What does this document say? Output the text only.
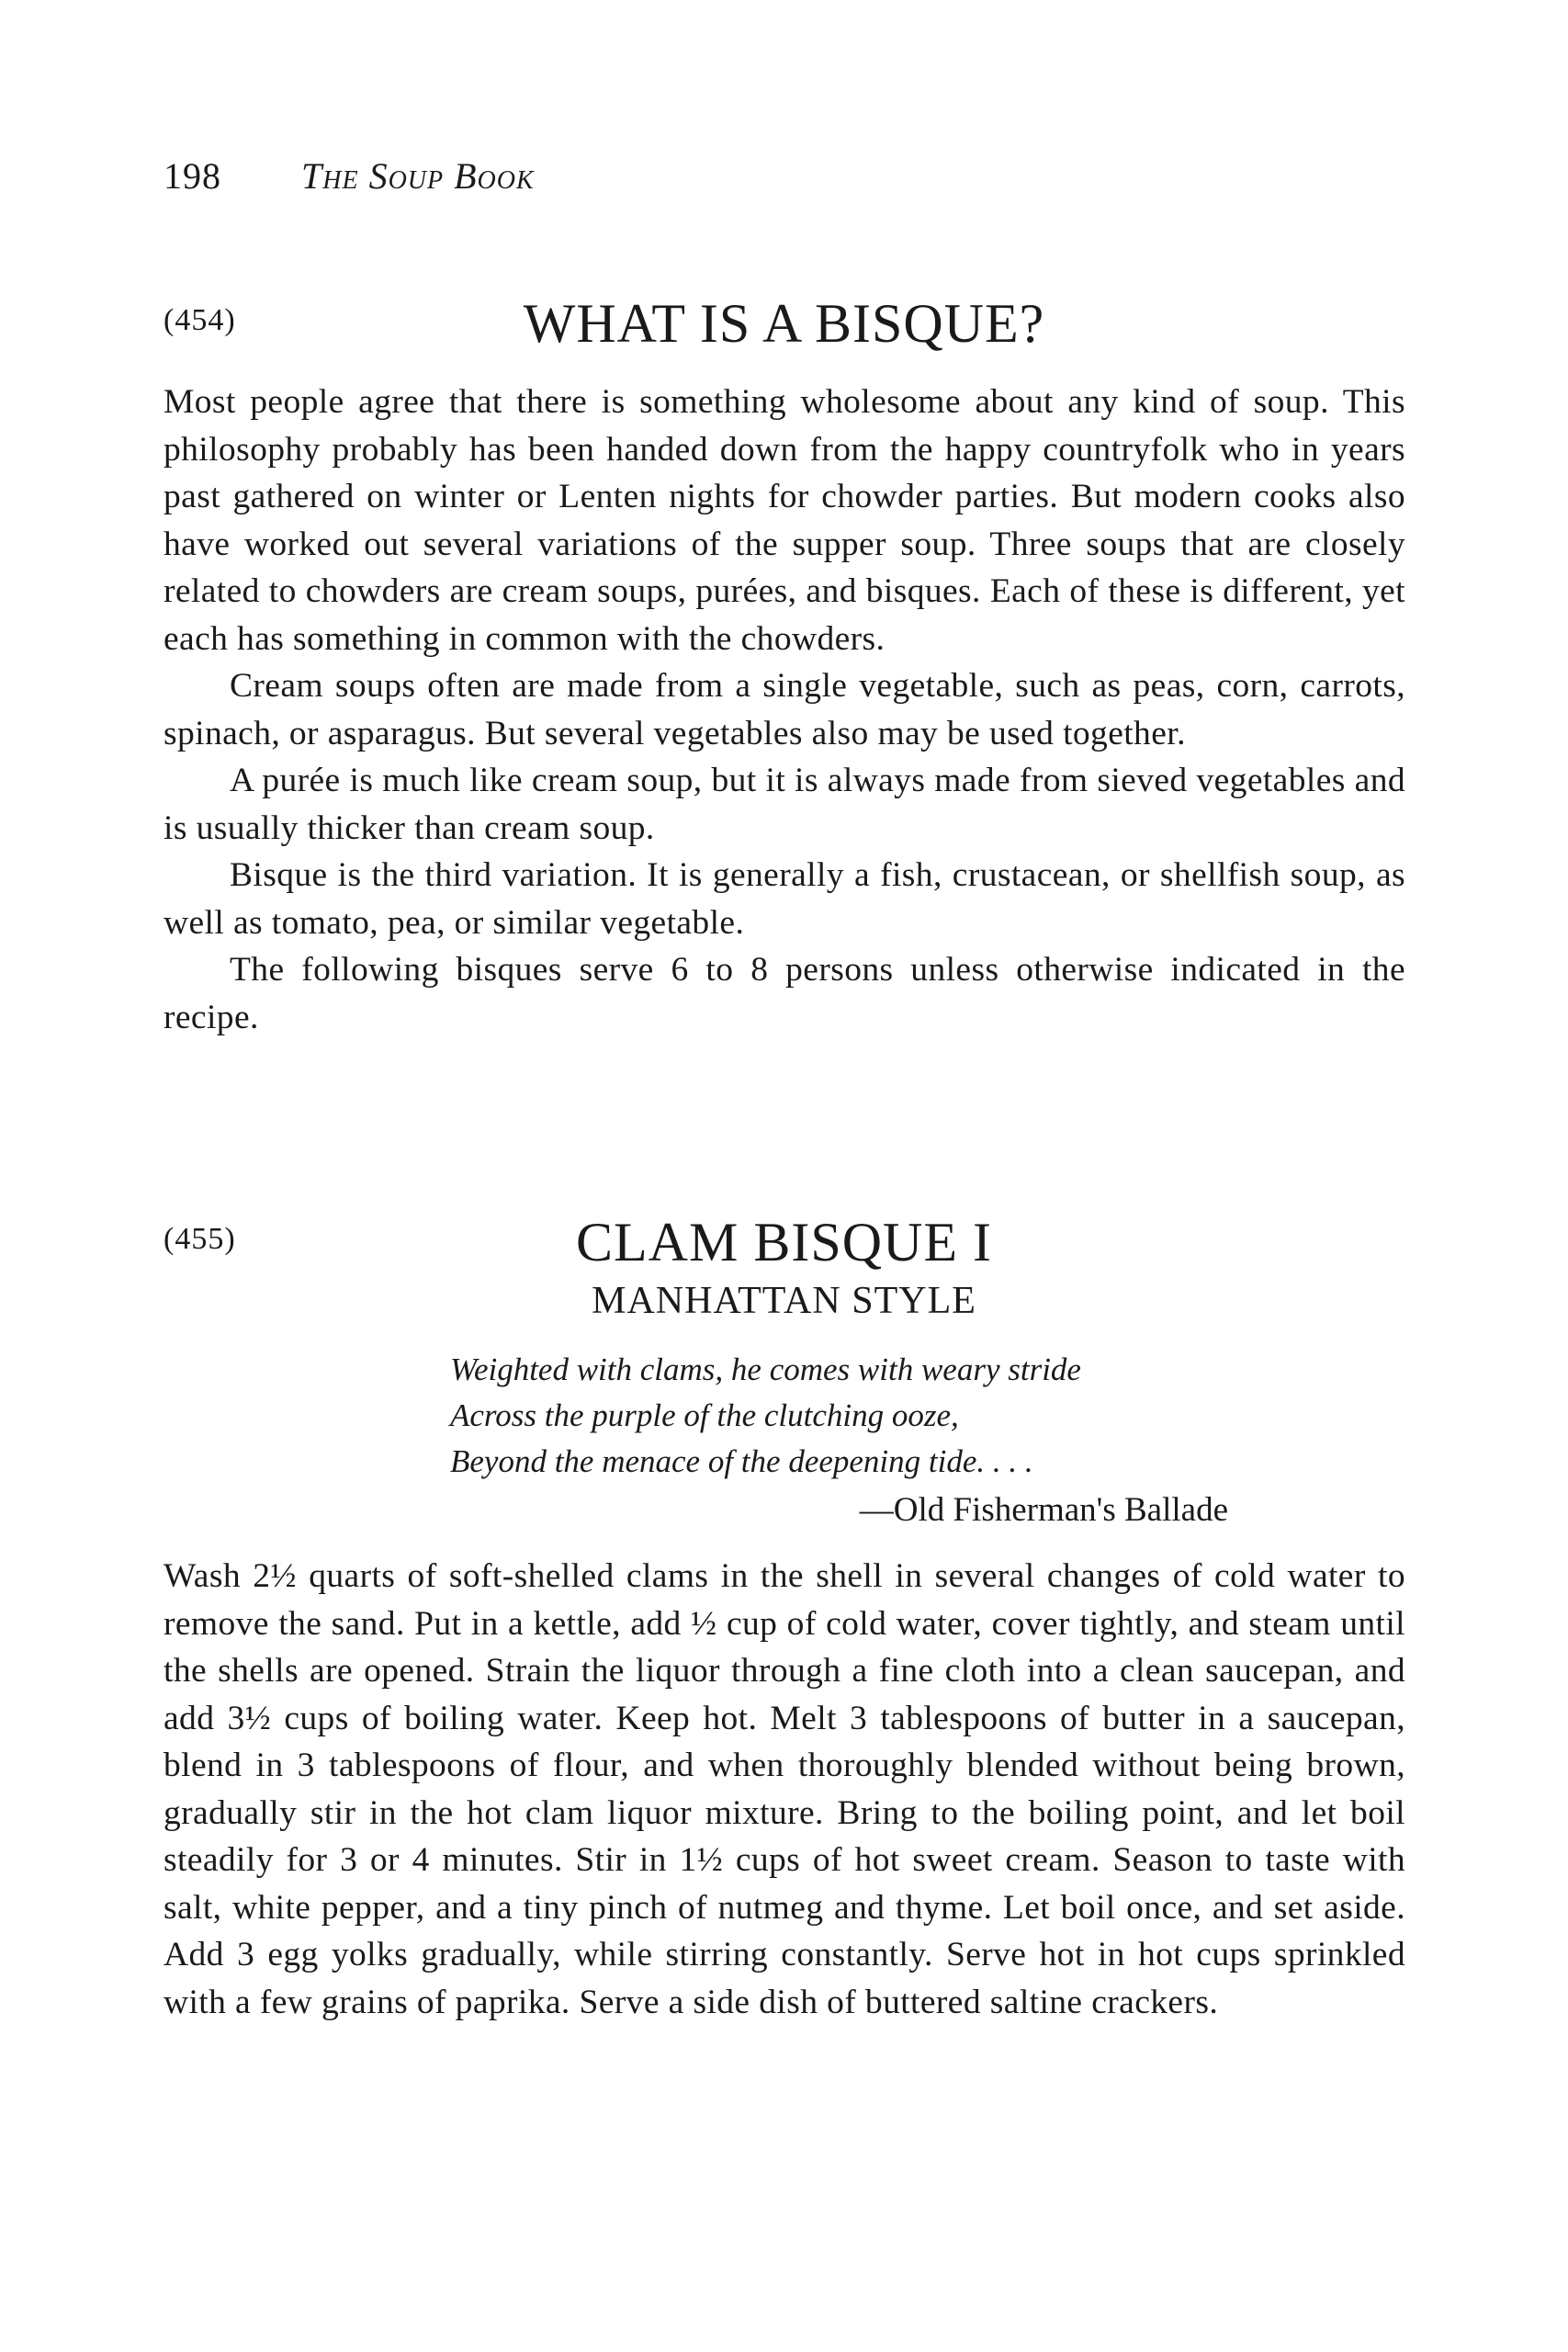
198 The Soup Book
(454)	WHAT IS A BISQUE?

Most people agree that there is something wholesome about any kind of soup. This philosophy probably has been handed down from the happy countryfolk who in years past gathered on winter or Lenten nights for chowder parties. But modern cooks also have worked out several variations of the supper soup. Three soups that are closely related to chowders are cream soups, purées, and bisques. Each of these is different, yet each has something in common with the chowders.

Cream soups often are made from a single vegetable, such as peas, corn, carrots, spinach, or asparagus. But several vegetables also may be used together.

A purée is much like cream soup, but it is always made from sieved vegetables and is usually thicker than cream soup.

Bisque is the third variation. It is generally a fish, crustacean, or shellfish soup, as well as tomato, pea, or similar vegetable.

The following bisques serve 6 to 8 persons unless otherwise indicated in the recipe.

(455)	CLAM BISQUE I
MANHATTAN STYLE
Weighted with clams, he comes with weary stride
Across the purple of the clutching ooze,
Beyond the menace of the deepening tide. . . .
—Old Fisherman's Ballade

Wash 2½ quarts of soft-shelled clams in the shell in several changes of cold water to remove the sand. Put in a kettle, add ½ cup of cold water, cover tightly, and steam until the shells are opened. Strain the liquor through a fine cloth into a clean saucepan, and add 3½ cups of boiling water. Keep hot. Melt 3 tablespoons of butter in a saucepan, blend in 3 tablespoons of flour, and when thoroughly blended without being brown, gradually stir in the hot clam liquor mixture. Bring to the boiling point, and let boil steadily for 3 or 4 minutes. Stir in 1½ cups of hot sweet cream. Season to taste with salt, white pepper, and a tiny pinch of nutmeg and thyme. Let boil once, and set aside. Add 3 egg yolks gradually, while stirring constantly. Serve hot in hot cups sprinkled with a few grains of paprika. Serve a side dish of buttered saltine crackers.
